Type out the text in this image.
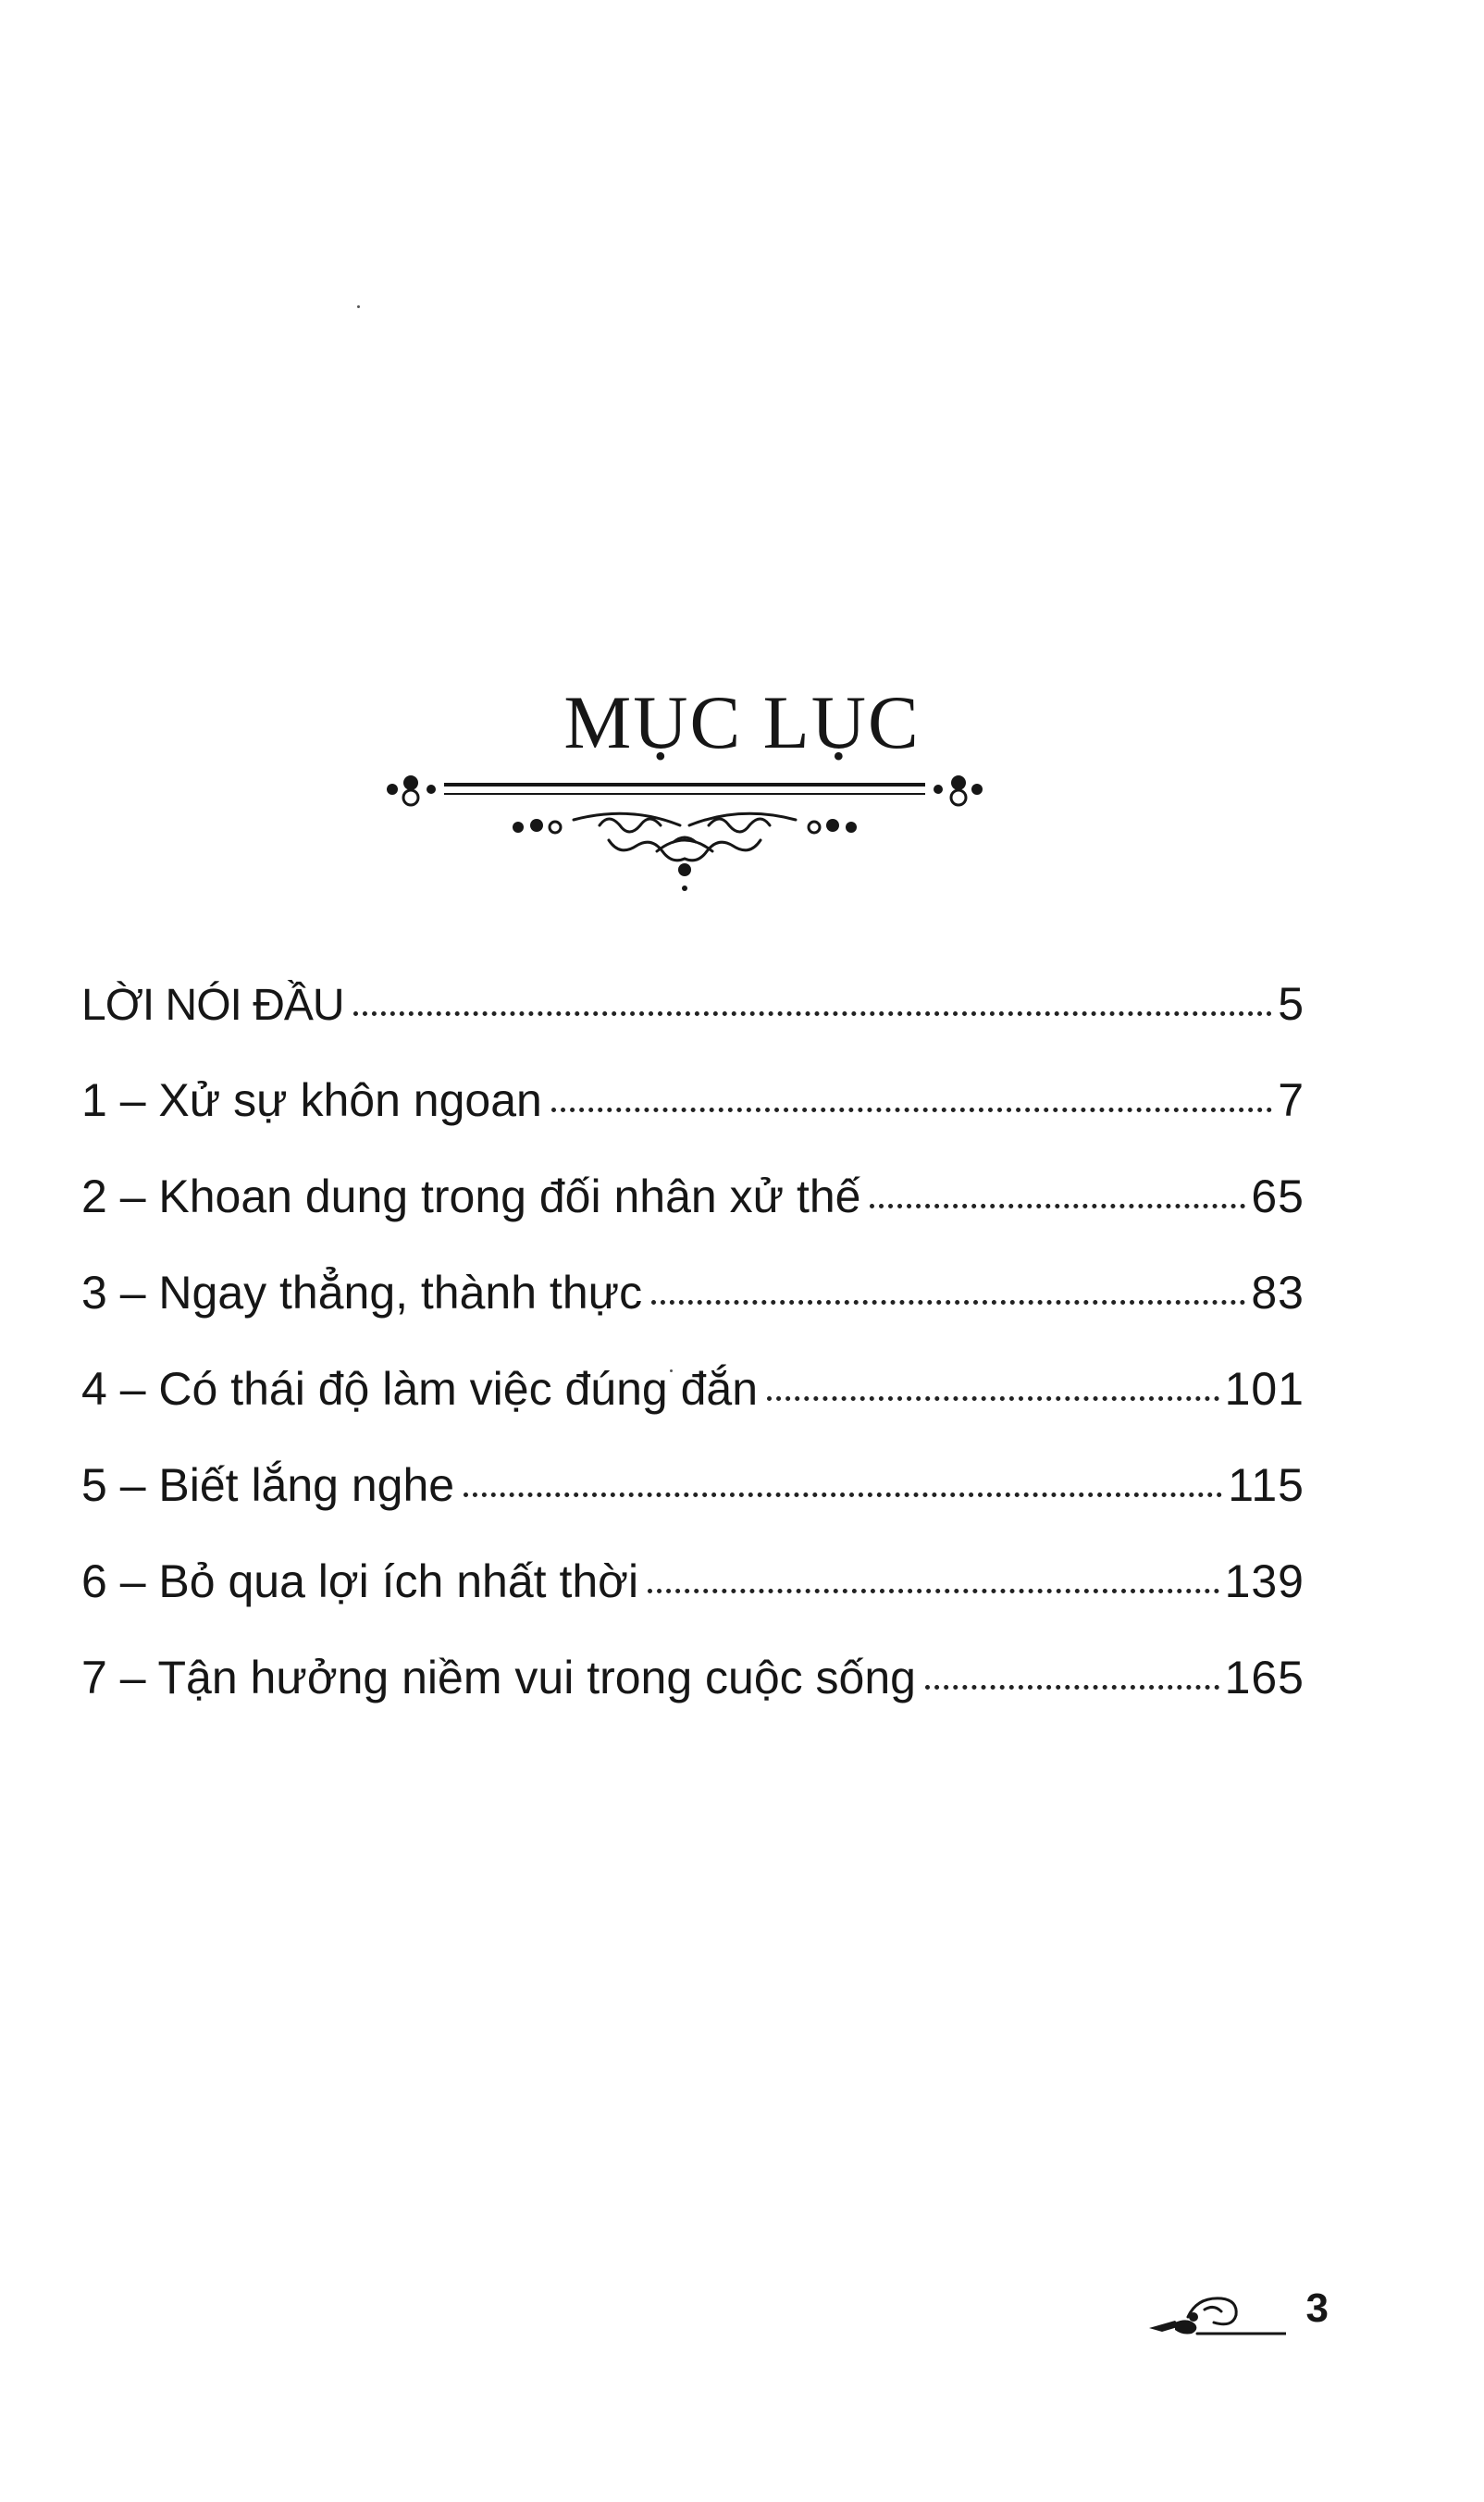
MỤC LỤC
LỜI NÓI ĐẦU	5
1 – Xử sự khôn ngoan	7
2 – Khoan dung trong đối nhân xử thế	65
3 – Ngay thẳng, thành thực	83
4 – Có thái độ làm việc đúng đắn	101
5 – Biết lắng nghe	115
6 – Bỏ qua lợi ích nhất thời	139
7 – Tận hưởng niềm vui trong cuộc sống	165
3
